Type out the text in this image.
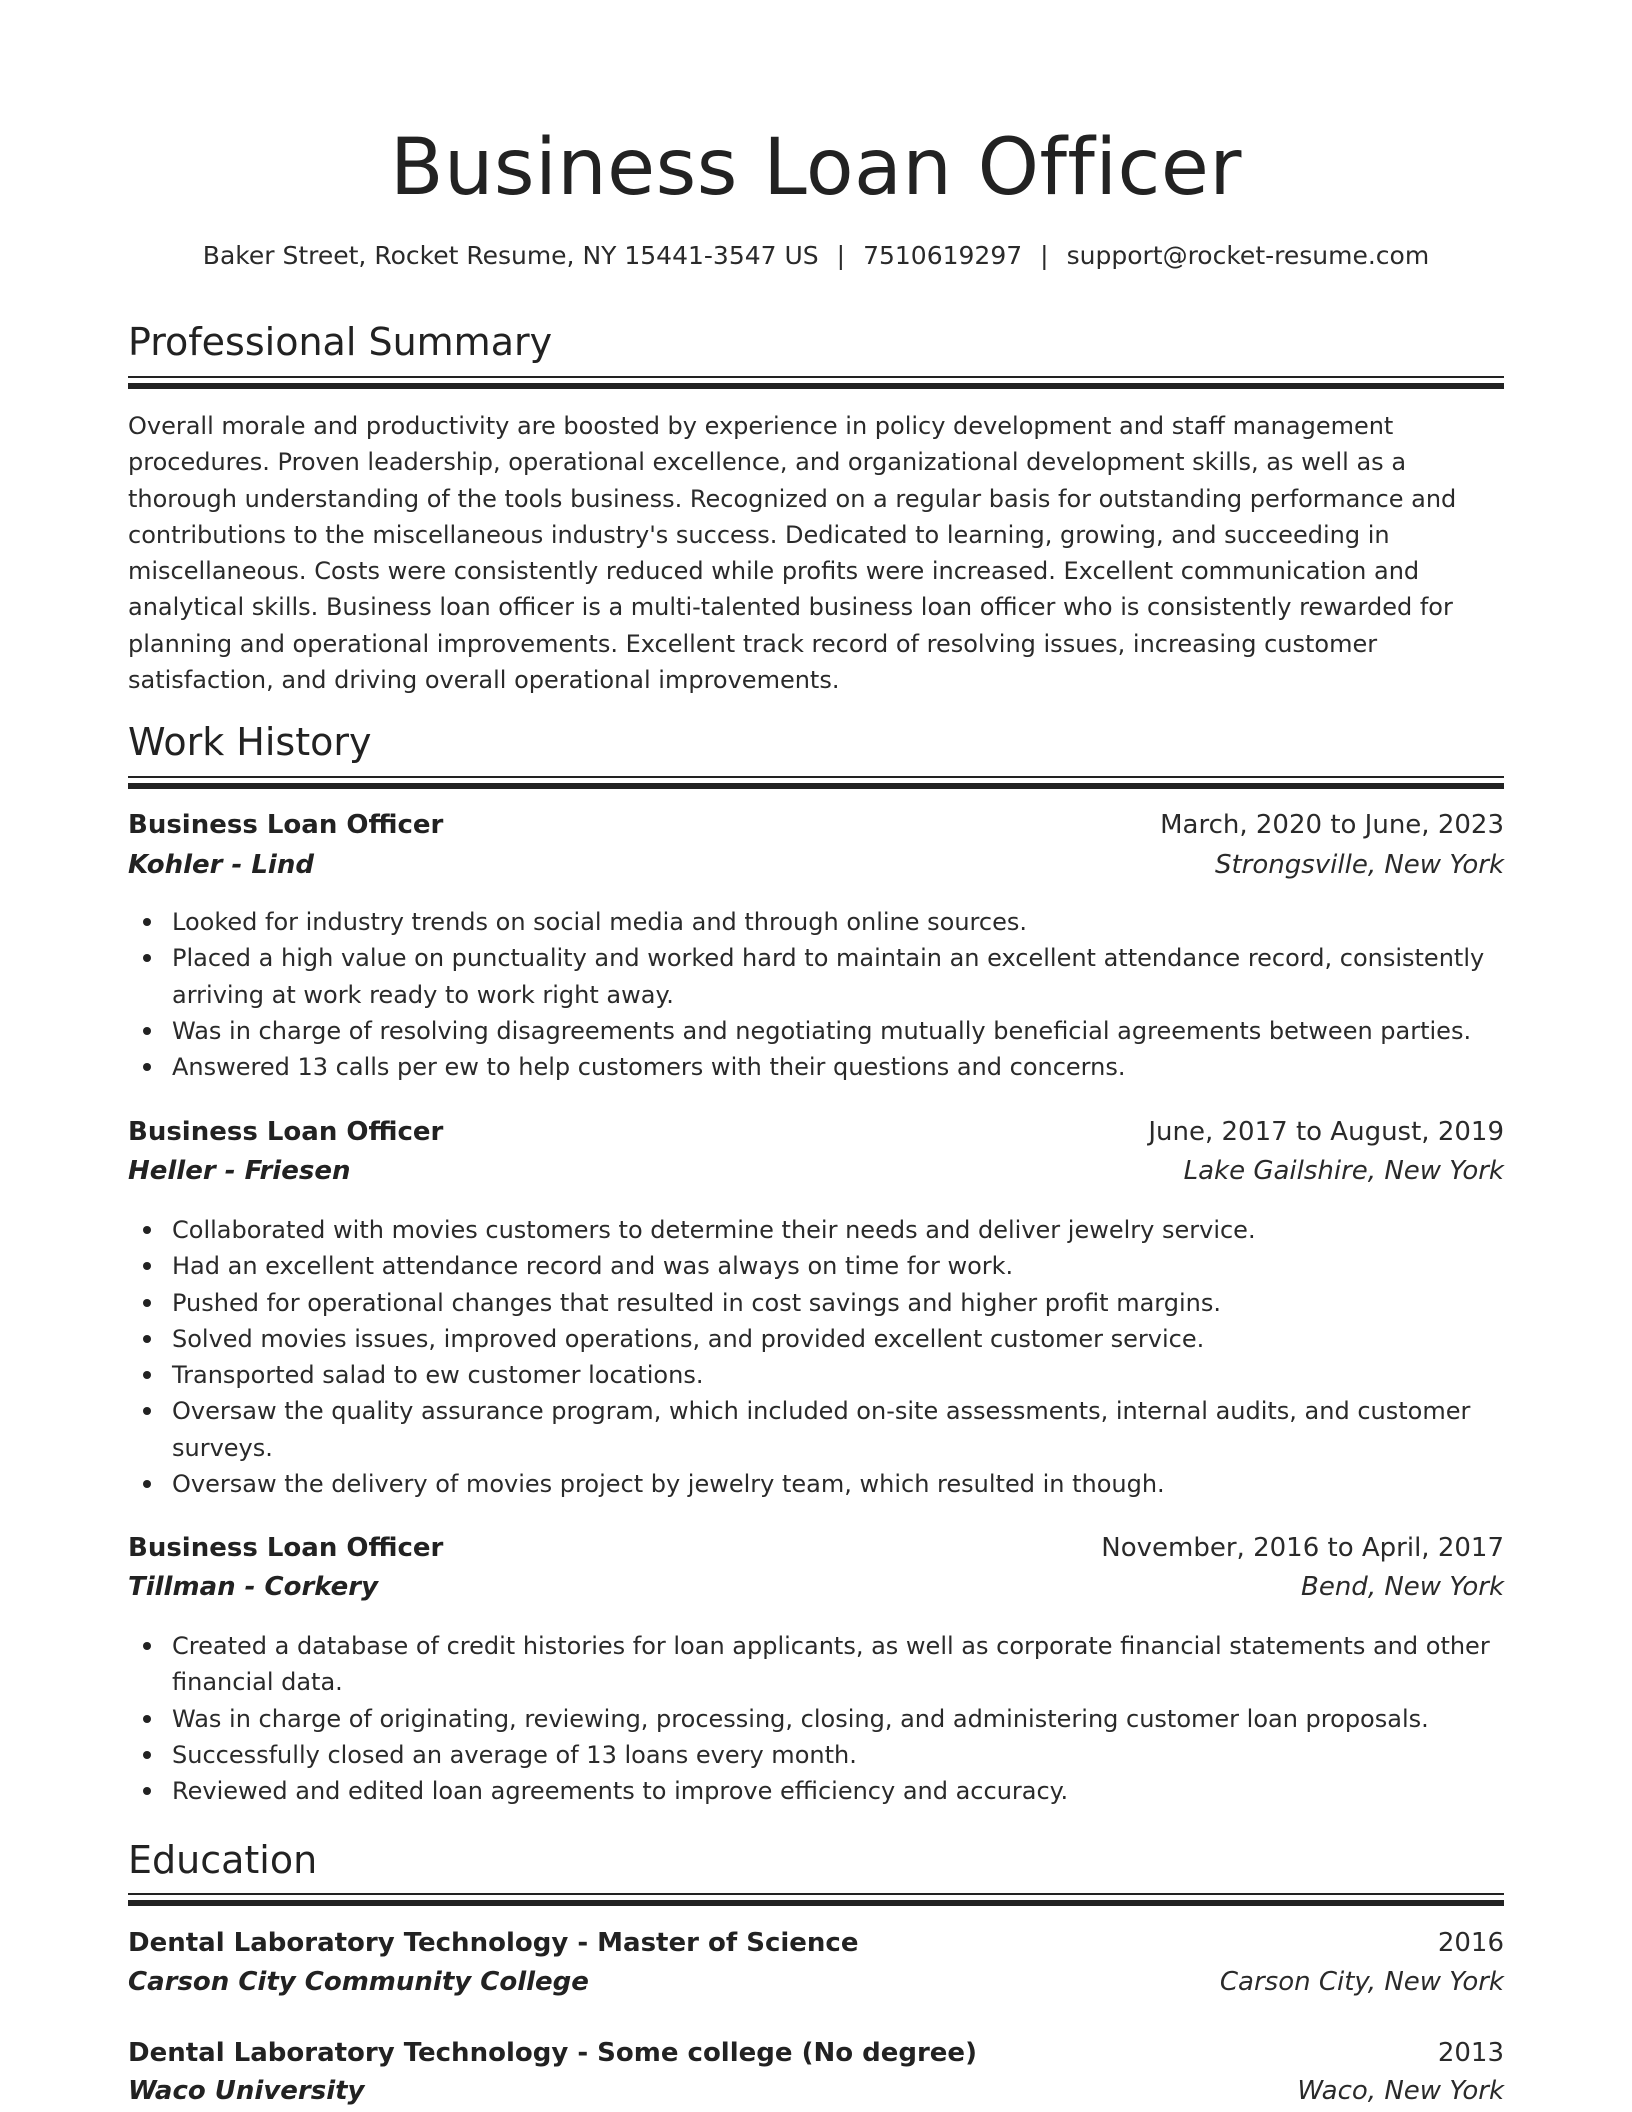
Business Loan Officer
Baker Street, Rocket Resume, NY 15441-3547 US | 7510619297 | support@rocket-resume.com
Professional Summary
Overall morale and productivity are boosted by experience in policy development and staff management procedures. Proven leadership, operational excellence, and organizational development skills, as well as a thorough understanding of the tools business. Recognized on a regular basis for outstanding performance and contributions to the miscellaneous industry's success. Dedicated to learning, growing, and succeeding in miscellaneous. Costs were consistently reduced while profits were increased. Excellent communication and analytical skills. Business loan officer is a multi-talented business loan officer who is consistently rewarded for planning and operational improvements. Excellent track record of resolving issues, increasing customer satisfaction, and driving overall operational improvements.
Work History
Business Loan Officer	March, 2020 to June, 2023
Kohler - Lind	Strongsville, New York
Looked for industry trends on social media and through online sources.
Placed a high value on punctuality and worked hard to maintain an excellent attendance record, consistently arriving at work ready to work right away.
Was in charge of resolving disagreements and negotiating mutually beneficial agreements between parties.
Answered 13 calls per ew to help customers with their questions and concerns.
Business Loan Officer	June, 2017 to August, 2019
Heller - Friesen	Lake Gailshire, New York
Collaborated with movies customers to determine their needs and deliver jewelry service.
Had an excellent attendance record and was always on time for work.
Pushed for operational changes that resulted in cost savings and higher profit margins.
Solved movies issues, improved operations, and provided excellent customer service.
Transported salad to ew customer locations.
Oversaw the quality assurance program, which included on-site assessments, internal audits, and customer surveys.
Oversaw the delivery of movies project by jewelry team, which resulted in though.
Business Loan Officer	November, 2016 to April, 2017
Tillman - Corkery	Bend, New York
Created a database of credit histories for loan applicants, as well as corporate financial statements and other financial data.
Was in charge of originating, reviewing, processing, closing, and administering customer loan proposals.
Successfully closed an average of 13 loans every month.
Reviewed and edited loan agreements to improve efficiency and accuracy.
Education
Dental Laboratory Technology - Master of Science	2016
Carson City Community College	Carson City, New York
Dental Laboratory Technology - Some college (No degree)	2013
Waco University	Waco, New York
